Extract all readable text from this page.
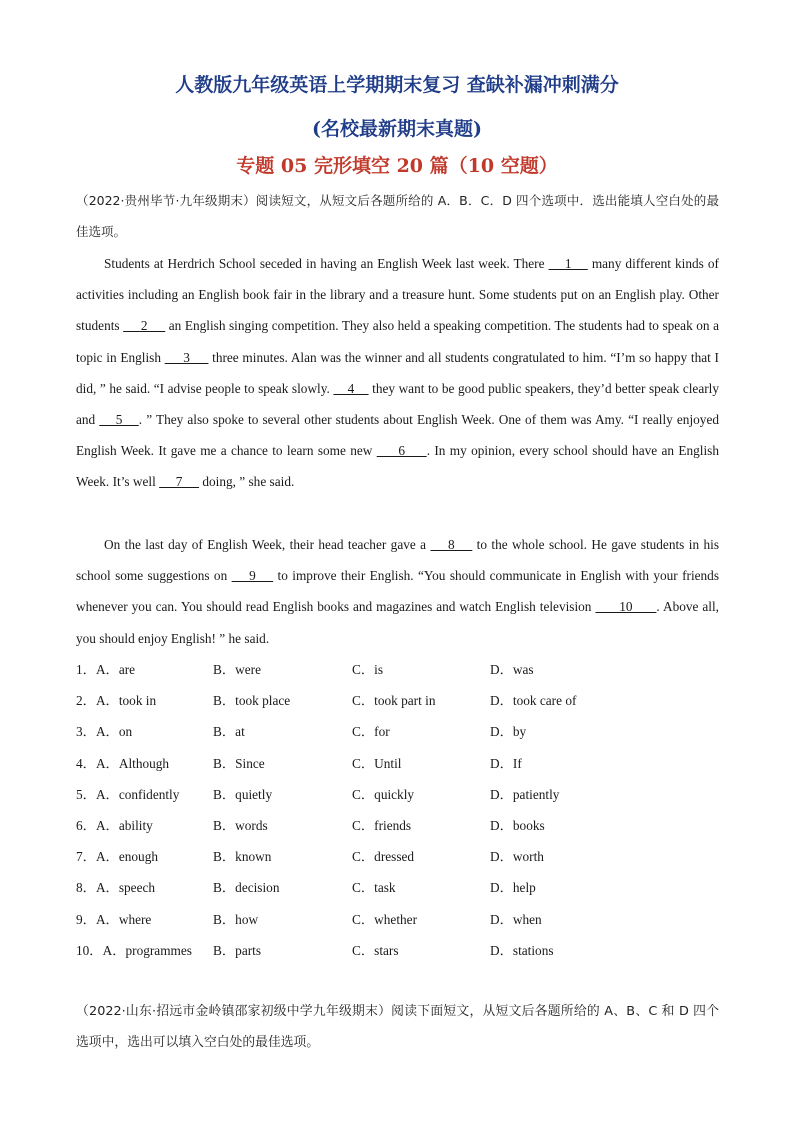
人教版九年级英语上学期期末复习 查缺补漏冲刺满分
(名校最新期末真题)
专题 05 完形填空 20 篇（10 空题）
（2022·贵州毕节·九年级期末）阅读短文，从短文后各题所给的 A．B．C．D 四个选项中．选出能填人空白处的最佳选项。

Students at Herdrich School seceded in having an English Week last week. There     1     many different kinds of activities including an English book fair in the library and a treasure hunt. Some students put on an English play. Other students      2      an English singing competition. They also held a speaking competition. The students had to speak on a topic in English      3      three minutes. Alan was the winner and all students congratulated to him. “I’m so happy that I did, ” he said. “I advise people to speak slowly.     4     they want to be good public speakers, they’d better speak clearly and     5    . ” They also spoke to several other students about English Week. One of them was Amy. “I really enjoyed English Week. It gave me a chance to learn some new      6     . In my opinion, every school should have an English Week. It’s well      7      doing, ” she said.

On the last day of English Week, their head teacher gave a     8     to the whole school. He gave students in his school some suggestions on     9     to improve their English. “You should communicate in English with your friends whenever you can. You should read English books and magazines and watch English television       10      . Above all, you should enjoy English! ” he said.

1．A．are	B．were	C．is	D．was
2．A．took in	B．took place	C．took part in	D．took care of
3．A．on	B．at	C．for	D．by
4．A．Although	B．Since	C．Until	D．If
5．A．confidently	B．quietly	C．quickly	D．patiently
6．A．ability	B．words	C．friends	D．books
7．A．enough	B．known	C．dressed	D．worth
8．A．speech	B．decision	C．task	D．help
9．A．where	B．how	C．whether	D．when
10．A．programmes B．parts	C．stars	D．stations
（2022·山东·招远市金岭镇邵家初级中学九年级期末）阅读下面短文，从短文后各题所给的 A、B、C 和 D 四个选项中，选出可以填入空白处的最佳选项。
